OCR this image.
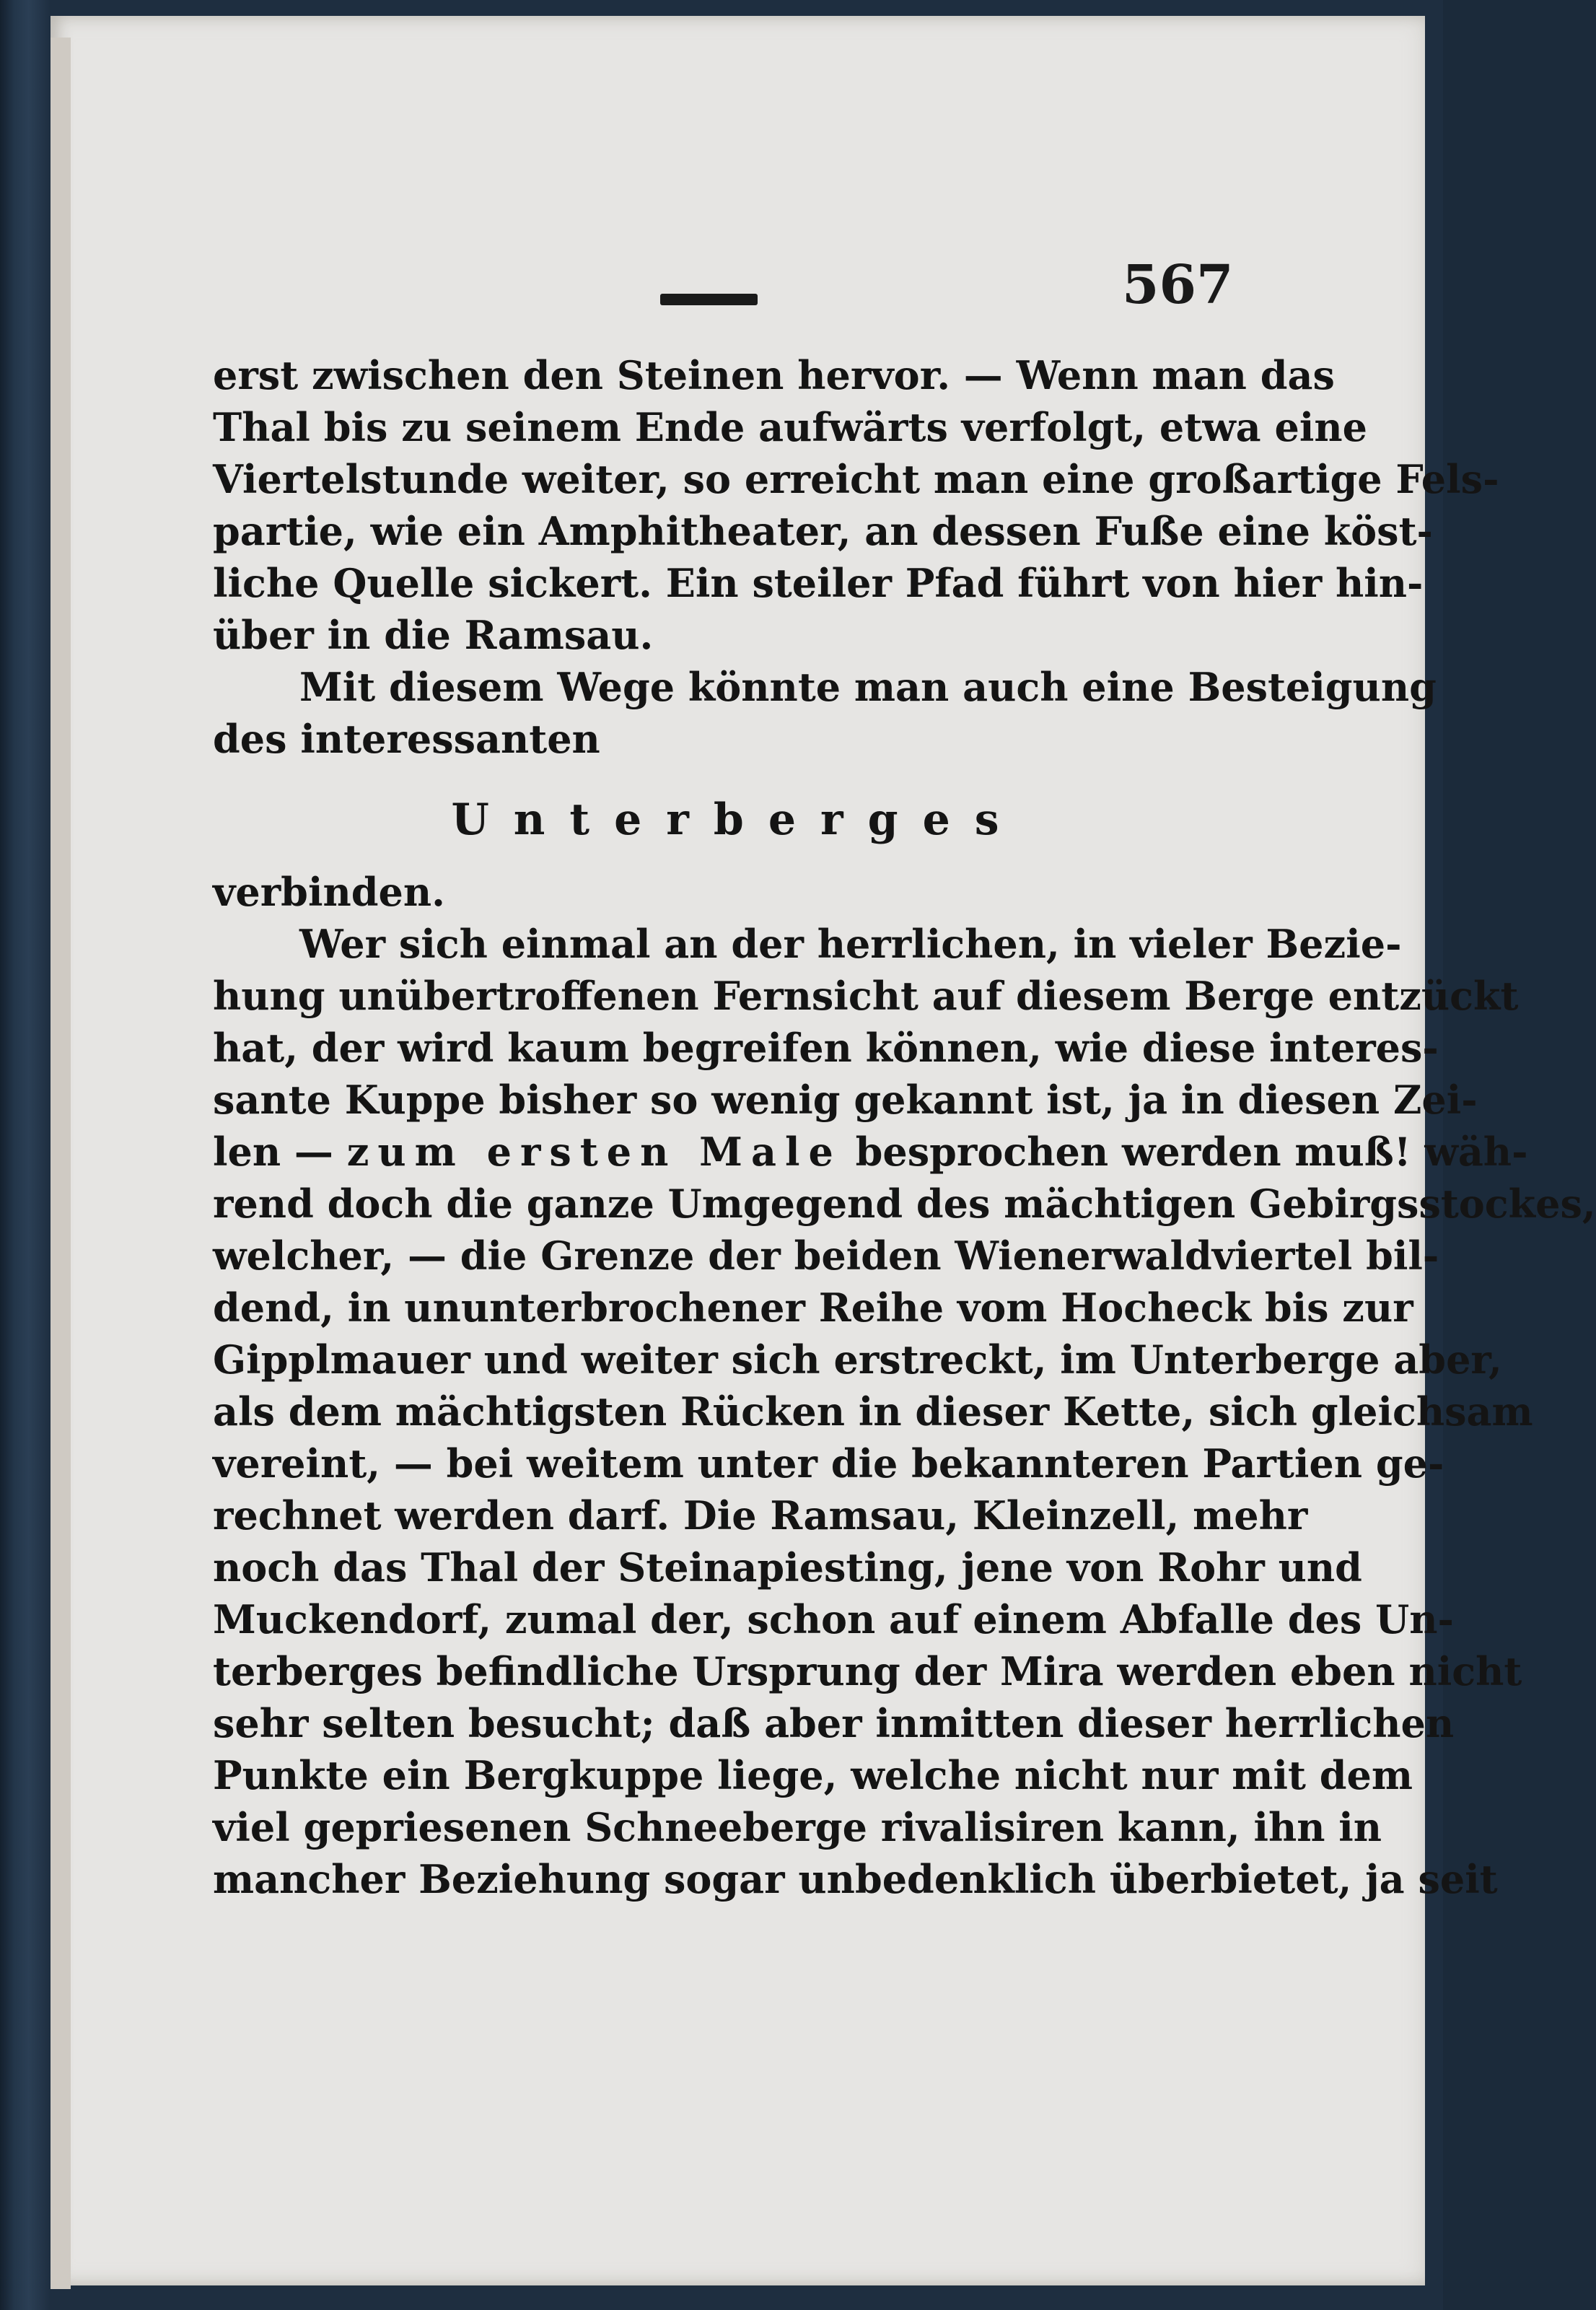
567

erst zwischen den Steinen hervor. — Wenn man das
Thal bis zu seinem Ende aufwärts verfolgt, etwa eine
Viertelstunde weiter, so erreicht man eine großartige Fels-
partie, wie ein Amphitheater, an dessen Fuße eine köst-
liche Quelle sickert. Ein steiler Pfad führt von hier hin-
über in die Ramsau.
Mit diesem Wege könnte man auch eine Besteigung
des interessanten
Unterberges
verbinden.
Wer sich einmal an der herrlichen, in vieler Bezie-
hung unübertroffenen Fernsicht auf diesem Berge entzückt
hat, der wird kaum begreifen können, wie diese interes-
sante Kuppe bisher so wenig gekannt ist, ja in diesen Zei-
len — zum ersten Male besprochen werden muß! wäh-
rend doch die ganze Umgegend des mächtigen Gebirgsstockes,
welcher, — die Grenze der beiden Wienerwaldviertel bil-
dend, in ununterbrochener Reihe vom Hocheck bis zur
Gipplmauer und weiter sich erstreckt, im Unterberge aber,
als dem mächtigsten Rücken in dieser Kette, sich gleichsam
vereint, — bei weitem unter die bekannteren Partien ge-
rechnet werden darf. Die Ramsau, Kleinzell, mehr
noch das Thal der Steinapiesting, jene von Rohr und
Muckendorf, zumal der, schon auf einem Abfalle des Un-
terberges befindliche Ursprung der Mira werden eben nicht
sehr selten besucht; daß aber inmitten dieser herrlichen
Punkte ein Bergkuppe liege, welche nicht nur mit dem
viel gepriesenen Schneeberge rivalisiren kann, ihn in
mancher Beziehung sogar unbedenklich überbietet, ja seit
